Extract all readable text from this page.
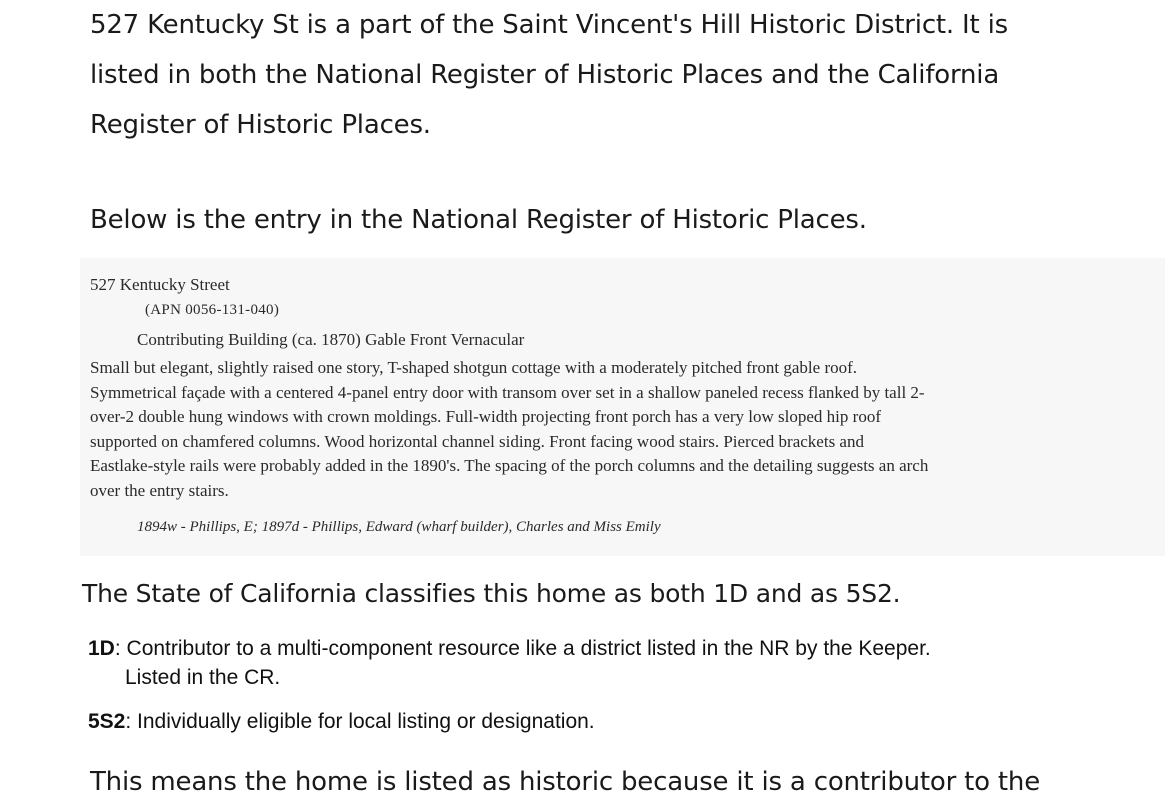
527 Kentucky St is a part of the Saint Vincent's Hill Historic District. It is
listed in both the National Register of Historic Places and the California
Register of Historic Places.
Below is the entry in the National Register of Historic Places.
527 Kentucky Street
(APN 0056-131-040)
Contributing Building (ca. 1870) Gable Front Vernacular
Small but elegant, slightly raised one story, T-shaped shotgun cottage with a moderately pitched front gable roof.
Symmetrical façade with a centered 4-panel entry door with transom over set in a shallow paneled recess flanked by tall 2-
over-2 double hung windows with crown moldings. Full-width projecting front porch has a very low sloped hip roof
supported on chamfered columns. Wood horizontal channel siding. Front facing wood stairs. Pierced brackets and
Eastlake-style rails were probably added in the 1890's. The spacing of the porch columns and the detailing suggests an arch
over the entry stairs.
1894w - Phillips, E; 1897d - Phillips, Edward (wharf builder), Charles and Miss Emily
The State of California classifies this home as both 1D and as 5S2.
1D: Contributor to a multi-component resource like a district listed in the NR by the Keeper.
Listed in the CR.
5S2: Individually eligible for local listing or designation.
This means the home is listed as historic because it is a contributor to the
